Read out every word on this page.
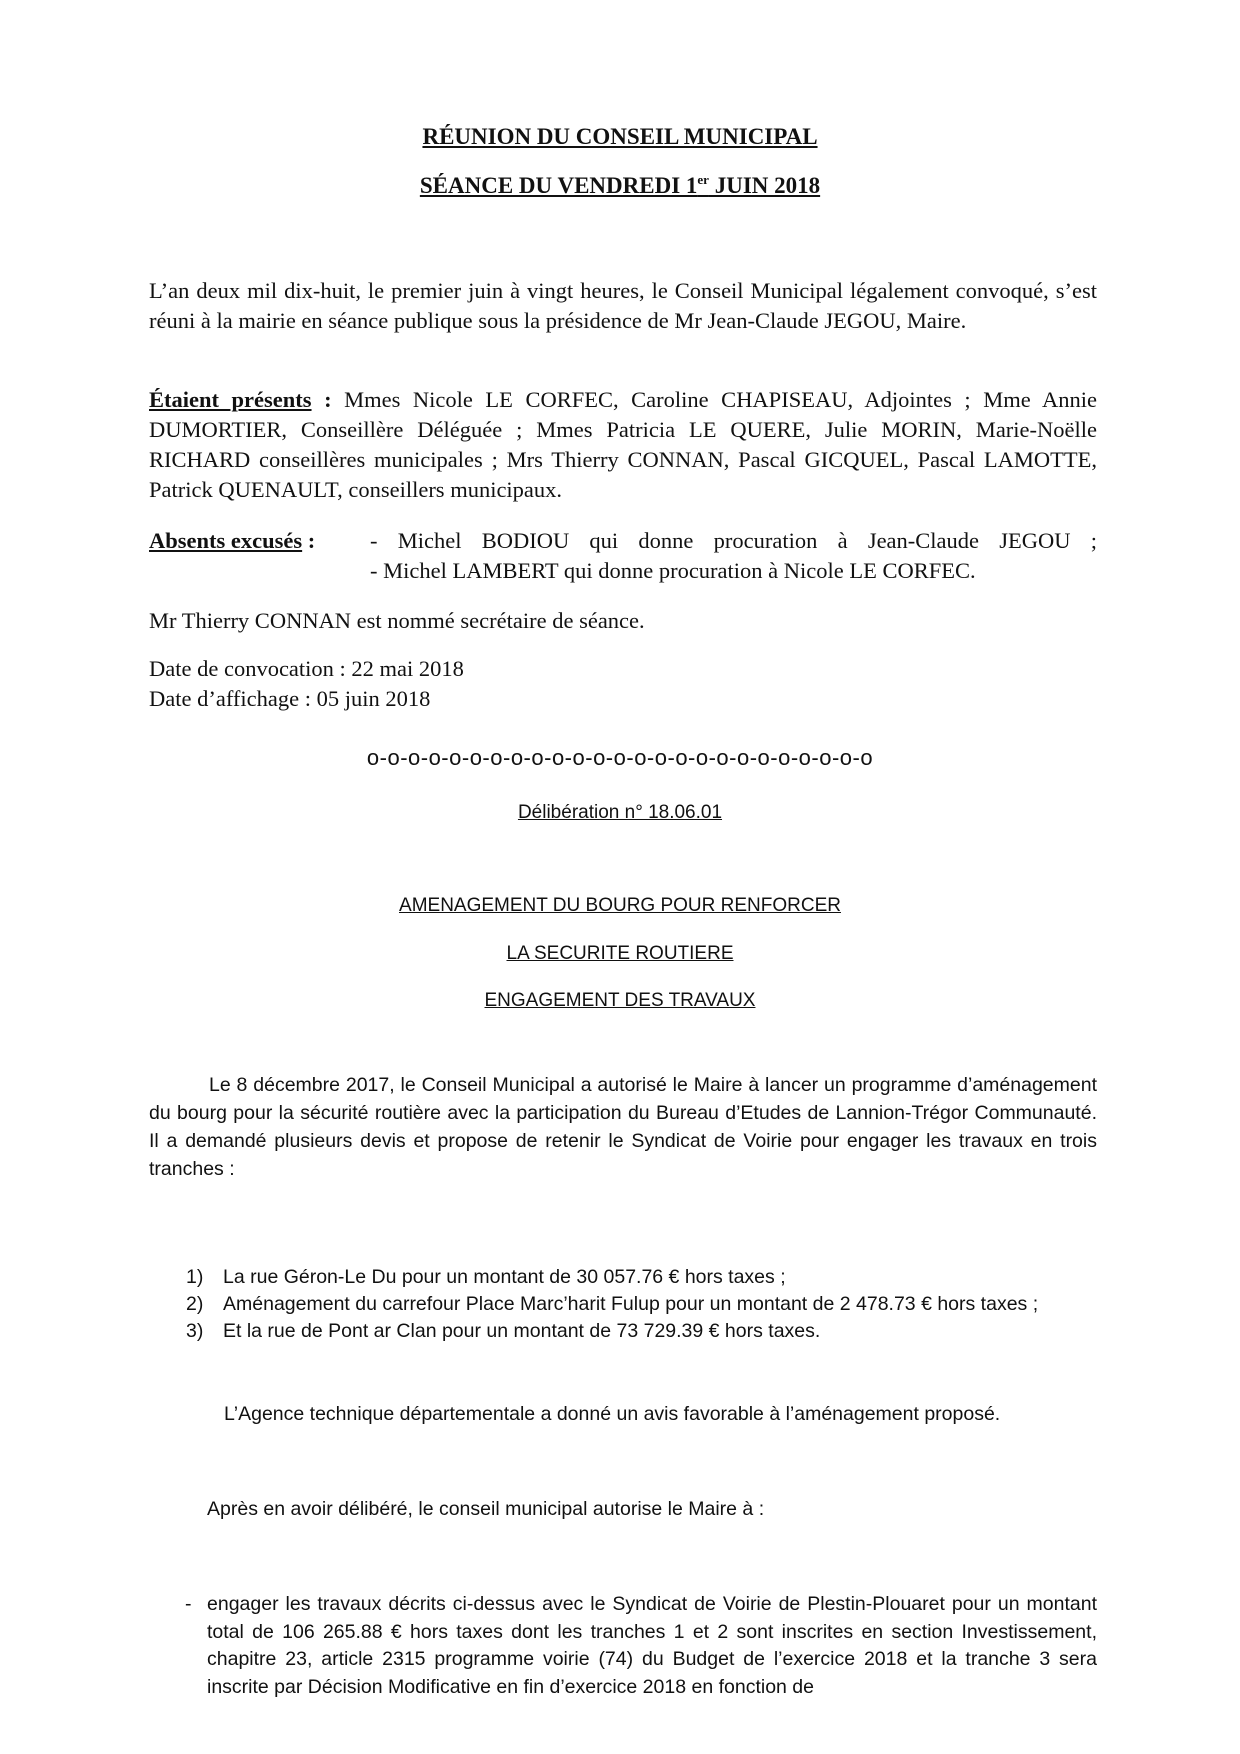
RÉUNION DU CONSEIL MUNICIPAL
SÉANCE DU VENDREDI 1er JUIN 2018

L’an deux mil dix-huit, le premier juin à vingt heures, le Conseil Municipal légalement convoqué, s’est réuni à la mairie en séance publique sous la présidence de Mr Jean-Claude JEGOU, Maire.

Étaient présents : Mmes Nicole LE CORFEC, Caroline CHAPISEAU, Adjointes ; Mme Annie DUMORTIER, Conseillère Déléguée ; Mmes Patricia LE QUERE, Julie MORIN, Marie-Noëlle RICHARD conseillères municipales ; Mrs Thierry CONNAN, Pascal GICQUEL, Pascal LAMOTTE, Patrick QUENAULT, conseillers municipaux.

Absents excusés : - Michel BODIOU qui donne procuration à Jean-Claude JEGOU ;
- Michel LAMBERT qui donne procuration à Nicole LE CORFEC.
Mr Thierry CONNAN est nommé secrétaire de séance.
Date de convocation : 22 mai 2018
Date d’affichage : 05 juin 2018
o-o-o-o-o-o-o-o-o-o-o-o-o-o-o-o-o-o-o-o-o-o-o-o-o
Délibération n° 18.06.01
AMENAGEMENT DU BOURG POUR RENFORCER
LA SECURITE ROUTIERE
ENGAGEMENT DES TRAVAUX

Le 8 décembre 2017, le Conseil Municipal a autorisé le Maire à lancer un programme d’aménagement du bourg pour la sécurité routière avec la participation du Bureau d’Etudes de Lannion-Trégor Communauté. Il a demandé plusieurs devis et propose de retenir le Syndicat de Voirie pour engager les travaux en trois tranches :

1) La rue Géron-Le Du pour un montant de 30 057.76 € hors taxes ;
2) Aménagement du carrefour Place Marc’harit Fulup pour un montant de 2 478.73 € hors taxes ;
3) Et la rue de Pont ar Clan pour un montant de 73 729.39 € hors taxes.

L’Agence technique départementale a donné un avis favorable à l’aménagement proposé.

Après en avoir délibéré, le conseil municipal autorise le Maire à :

- engager les travaux décrits ci-dessus avec le Syndicat de Voirie de Plestin-Plouaret pour un montant total de 106 265.88 € hors taxes dont les tranches 1 et 2 sont inscrites en section Investissement, chapitre 23, article 2315 programme voirie (74) du Budget de l’exercice 2018 et la tranche 3 sera inscrite par Décision Modificative en fin d’exercice 2018 en fonction de
